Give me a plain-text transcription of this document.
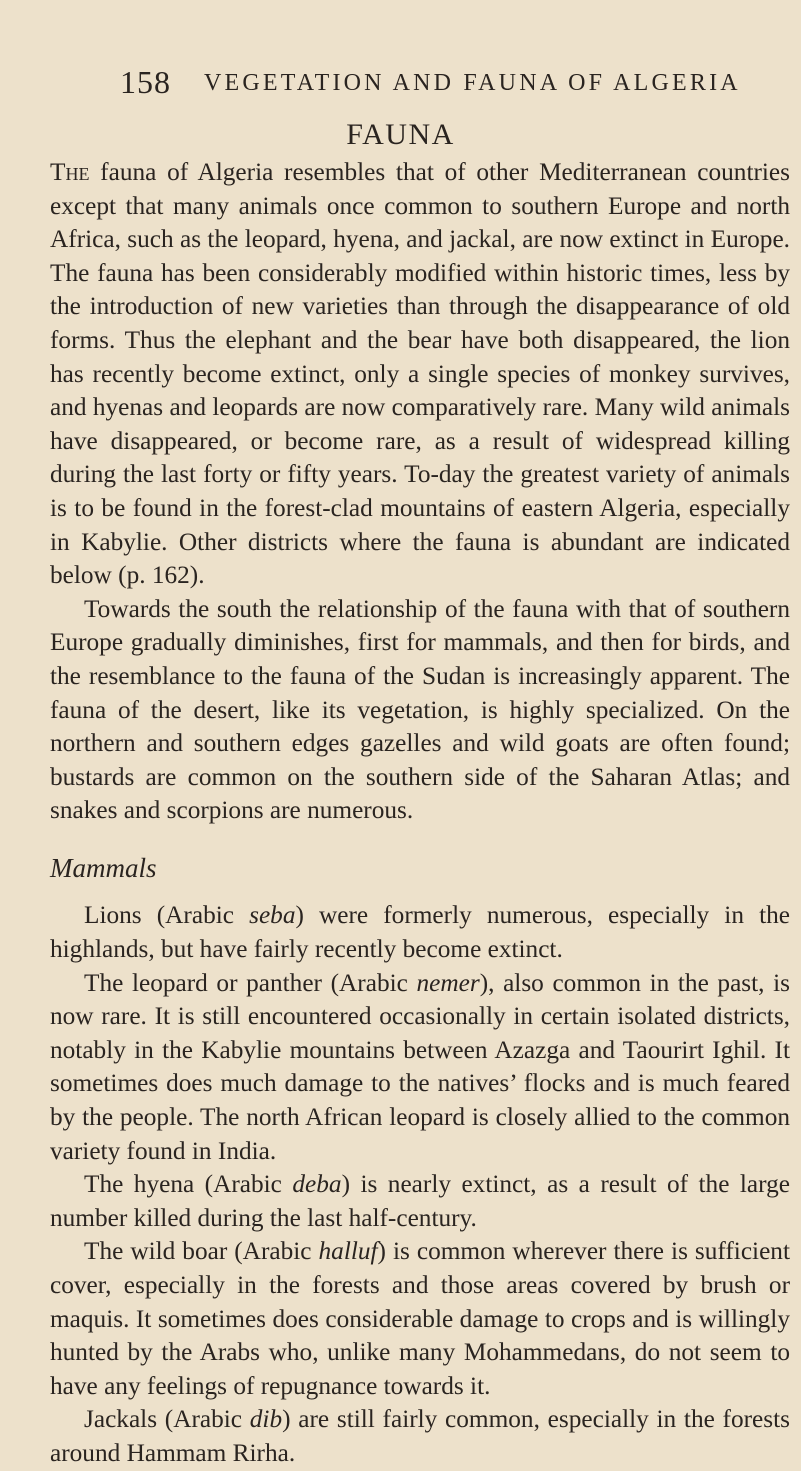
158 VEGETATION AND FAUNA OF ALGERIA
FAUNA

The fauna of Algeria resembles that of other Mediterranean countries except that many animals once common to southern Europe and north Africa, such as the leopard, hyena, and jackal, are now extinct in Europe. The fauna has been considerably modified within historic times, less by the introduction of new varieties than through the disappearance of old forms. Thus the elephant and the bear have both disappeared, the lion has recently become extinct, only a single species of monkey survives, and hyenas and leopards are now comparatively rare. Many wild animals have disappeared, or become rare, as a result of widespread killing during the last forty or fifty years. To-day the greatest variety of animals is to be found in the forest-clad mountains of eastern Algeria, especially in Kabylie. Other districts where the fauna is abundant are indicated below (p. 162).

Towards the south the relationship of the fauna with that of southern Europe gradually diminishes, first for mammals, and then for birds, and the resemblance to the fauna of the Sudan is increasingly apparent. The fauna of the desert, like its vegetation, is highly specialized. On the northern and southern edges gazelles and wild goats are often found; bustards are common on the southern side of the Saharan Atlas; and snakes and scorpions are numerous.

Mammals

Lions (Arabic seba) were formerly numerous, especially in the highlands, but have fairly recently become extinct.

The leopard or panther (Arabic nemer), also common in the past, is now rare. It is still encountered occasionally in certain isolated districts, notably in the Kabylie mountains between Azazga and Taourirt Ighil. It sometimes does much damage to the natives’ flocks and is much feared by the people. The north African leopard is closely allied to the common variety found in India.

The hyena (Arabic deba) is nearly extinct, as a result of the large number killed during the last half-century.

The wild boar (Arabic halluf) is common wherever there is sufficient cover, especially in the forests and those areas covered by brush or maquis. It sometimes does considerable damage to crops and is willingly hunted by the Arabs who, unlike many Mohammedans, do not seem to have any feelings of repugnance towards it.

Jackals (Arabic dib) are still fairly common, especially in the forests around Hammam Rirha.
